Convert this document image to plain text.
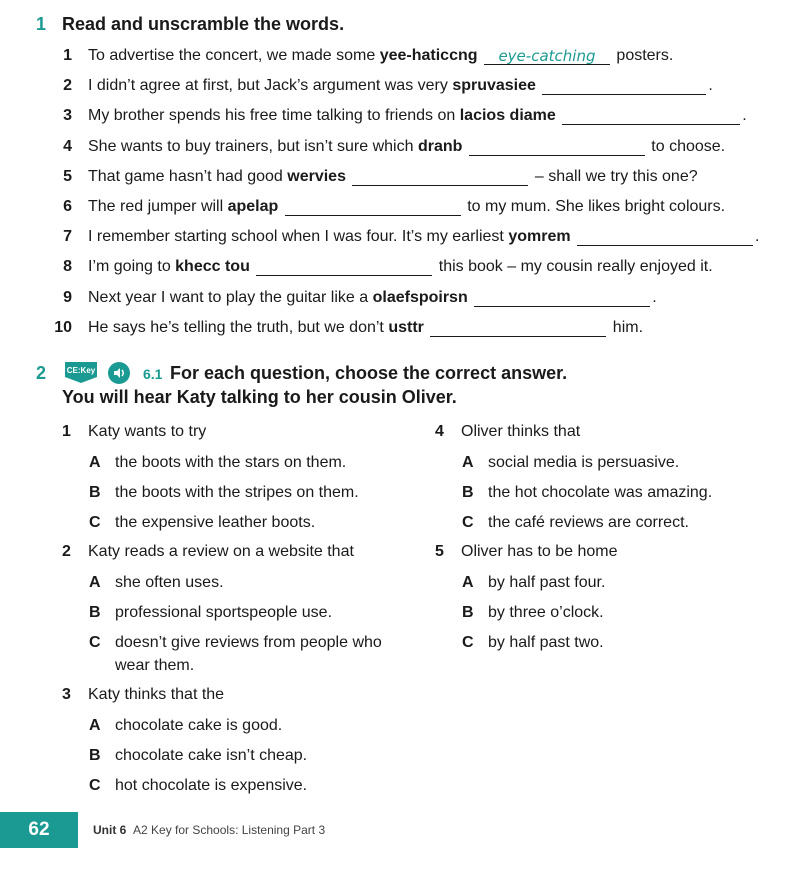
1 Read and unscramble the words.
1 To advertise the concert, we made some yee-haticcng
	eye-catching	posters.
2 I didn’t agree at first, but Jack’s argument was very spruvasiee
	.
3 My brother spends his free time talking to friends on lacios diame
	.
4 She wants to buy trainers, but isn’t sure which dranb
	to choose.
5 That game hasn’t had good wervies
	– shall we try this one?
6 The red jumper will apelap
	to my mum. She likes bright colours.
7 I remember starting school when I was four. It’s my earliest yomrem
	.
8 I’m going to khecc tou
	this book – my cousin really enjoyed it.
9 Next year I want to play the guitar like a olaefspoirsn
	.
10 He says he’s telling the truth, but we don’t usttr
	him.
2	CE:Key	6.1 For each question, choose the correct answer.
You will hear Katy talking to her cousin Oliver.
1 Katy wants to try
A the boots with the stars on them.
B the boots with the stripes on them.
C the expensive leather boots.
2 Katy reads a review on a website that
A she often uses.
B professional sportspeople use.
C doesn’t give reviews from people who wear them.
3 Katy thinks that the
A chocolate cake is good.
B chocolate cake isn’t cheap.
C hot chocolate is expensive.
4 Oliver thinks that
A social media is persuasive.
B the hot chocolate was amazing.
C the café reviews are correct.
5 Oliver has to be home
A by half past four.
B by three o’clock.
C by half past two.
62	Unit 6 A2 Key for Schools: Listening Part 3
